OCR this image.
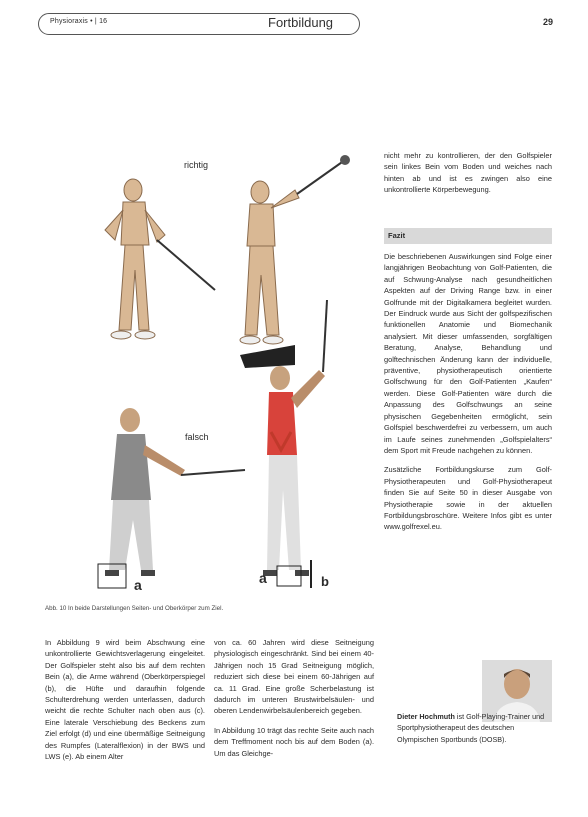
Physioraxis • | 16	Fortbildung	29
richtig
falsch
a	a	b
Abb. 10 In beide Darstellungen Seiten- und Oberkörper zum Ziel.

nicht mehr zu kontrollieren, der den Golfspieler sein linkes Bein vom Boden und weiches nach hinten ab und ist es zwingen also eine unkontrollierte Körperbewegung.

Fazit

Die beschriebenen Auswirkungen sind Folge einer langjährigen Beobachtung von Golf-Patienten, die auf Schwung-Analyse nach gesundheitlichen Aspekten auf der Driving Range bzw. in einer Golfrunde mit der Digitalkamera begleitet wurden. Der Eindruck wurde aus Sicht der golfspezifischen funktionellen Anatomie und Biomechanik analysiert. Mit dieser umfassenden, sorgfältigen Beratung, Analyse, Behandlung und golftechnischen Änderung kann der individuelle, präventive, physiotherapeutisch orientierte Golfschwung für den Golf-Patienten „Kaufen“ werden. Diese Golf-Patienten wäre durch die Anpassung des Golfschwungs an seine physischen Gegebenheiten ermöglicht, sein Golfspiel beschwerdefrei zu verbessern, um auch im Laufe seines zunehmenden „Golfspielalters“ dem Sport mit Freude nachgehen zu können.

Zusätzliche Fortbildungskurse zum Golf-Physiotherapeuten und Golf-Physiotherapeut finden Sie auf Seite 50 in dieser Ausgabe von Physiotherapie sowie in der aktuellen Fortbildungsbroschüre. Weitere Infos gibt es unter www.golfrexel.eu.

In Abbildung 9 wird beim Abschwung eine unkontrollierte Gewichtsverlagerung eingeleitet. Der Golfspieler steht also bis auf dem rechten Bein (a), die Arme während (Oberkörperspiegel (b), die Hüfte und daraufhin folgende Schulterdrehung werden unterlassen, dadurch weicht die rechte Schulter nach oben aus (c). Eine laterale Verschiebung des Beckens zum Ziel erfolgt (d) und eine übermäßige Seitneigung des Rumpfes (Lateralflexion) in der BWS und LWS (e). Ab einem Alter

von ca. 60 Jahren wird diese Seitneigung physiologisch eingeschränkt. Sind bei einem 40-Jährigen noch 15 Grad Seitneigung möglich, reduziert sich diese bei einem 60-Jährigen auf ca. 11 Grad. Eine große Scherbelastung ist dadurch im unteren Brustwirbelsäulen- und oberen Lendenwirbelsäulenbereich gegeben.

In Abbildung 10 trägt das rechte Seite auch nach dem Treffmoment noch bis auf dem Boden (a). Um das Gleichge-

Dieter Hochmuth ist Golf-Playing-Trainer und Sportphysiotherapeut des deutschen Olympischen Sportbunds (DOSB).
